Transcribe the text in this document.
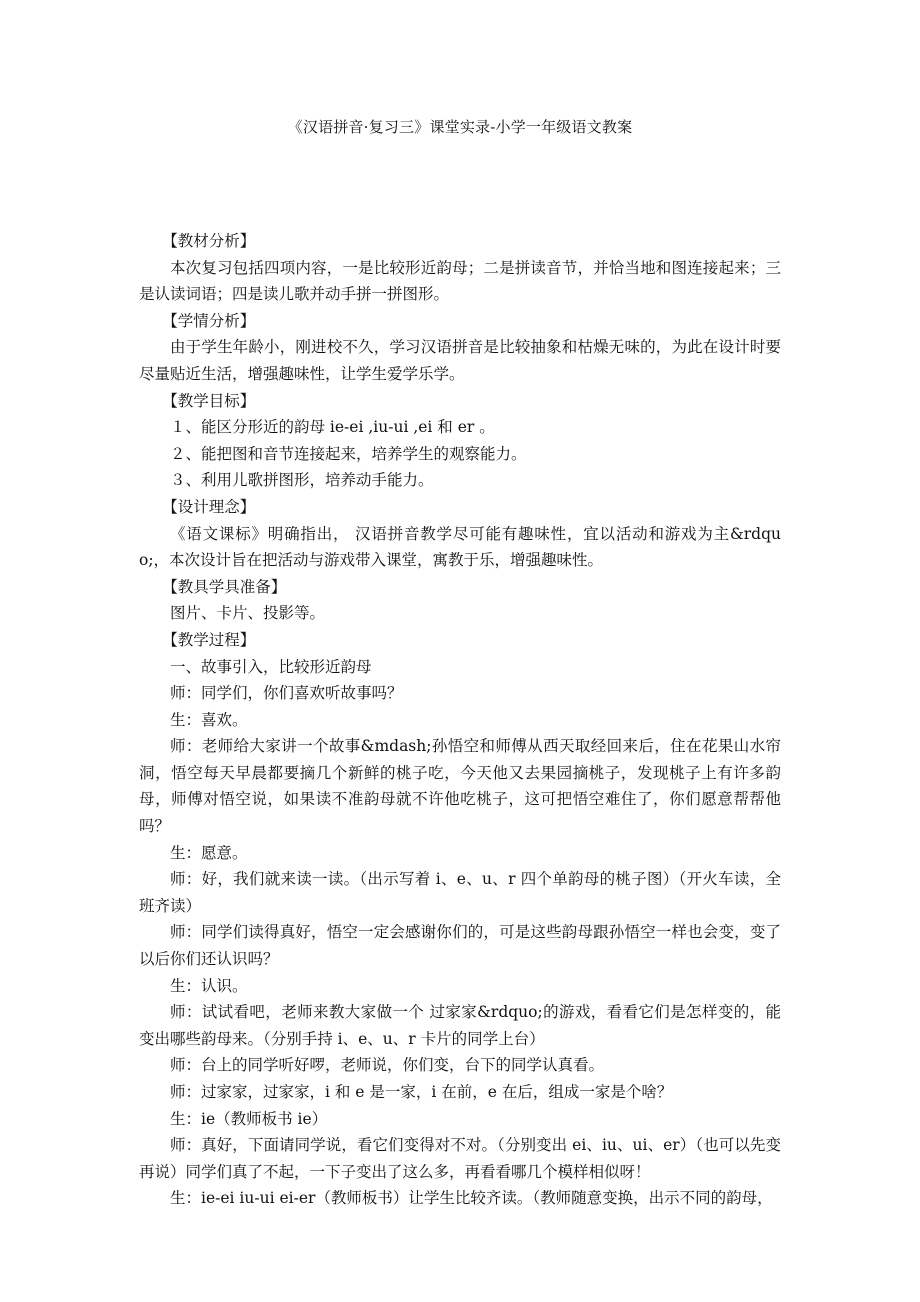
《汉语拼音·复习三》课堂实录-小学一年级语文教案

【教材分析】

本次复习包括四项内容，一是比较形近韵母；二是拼读音节，并恰当地和图连接起来；三是认读词语；四是读儿歌并动手拼一拼图形。

【学情分析】

由于学生年龄小，刚进校不久，学习汉语拼音是比较抽象和枯燥无味的，为此在设计时要尽量贴近生活，增强趣味性，让学生爱学乐学。

【教学目标】

１、能区分形近的韵母 ie-ei ,iu-ui ,ei 和 er 。

２、能把图和音节连接起来，培养学生的观察能力。

３、利用儿歌拼图形，培养动手能力。

【设计理念】

《语文课标》明确指出， 汉语拼音教学尽可能有趣味性，宜以活动和游戏为主&rdquo;，本次设计旨在把活动与游戏带入课堂，寓教于乐，增强趣味性。

【教具学具准备】

图片、卡片、投影等。

【教学过程】

一、故事引入，比较形近韵母

师：同学们，你们喜欢听故事吗？

生：喜欢。

师：老师给大家讲一个故事&mdash;孙悟空和师傅从西天取经回来后，住在花果山水帘洞，悟空每天早晨都要摘几个新鲜的桃子吃，今天他又去果园摘桃子，发现桃子上有许多韵母，师傅对悟空说，如果读不准韵母就不许他吃桃子，这可把悟空难住了，你们愿意帮帮他吗？

生：愿意。

师：好，我们就来读一读。（出示写着 i、e、u、r 四个单韵母的桃子图）（开火车读，全班齐读）

师：同学们读得真好，悟空一定会感谢你们的，可是这些韵母跟孙悟空一样也会变，变了以后你们还认识吗？

生：认识。

师：试试看吧，老师来教大家做一个 过家家&rdquo;的游戏，看看它们是怎样变的，能变出哪些韵母来。（分别手持 i、e、u、r 卡片的同学上台）

师：台上的同学听好啰，老师说，你们变，台下的同学认真看。

师：过家家，过家家，i 和 e 是一家，i 在前，e 在后，组成一家是个啥？

生：ie（教师板书 ie）

师：真好，下面请同学说，看它们变得对不对。（分别变出 ei、iu、ui、er）（也可以先变再说）同学们真了不起，一下子变出了这么多，再看看哪几个模样相似呀！

生：ie-ei iu-ui ei-er（教师板书）让学生比较齐读。（教师随意变换，出示不同的韵母，
